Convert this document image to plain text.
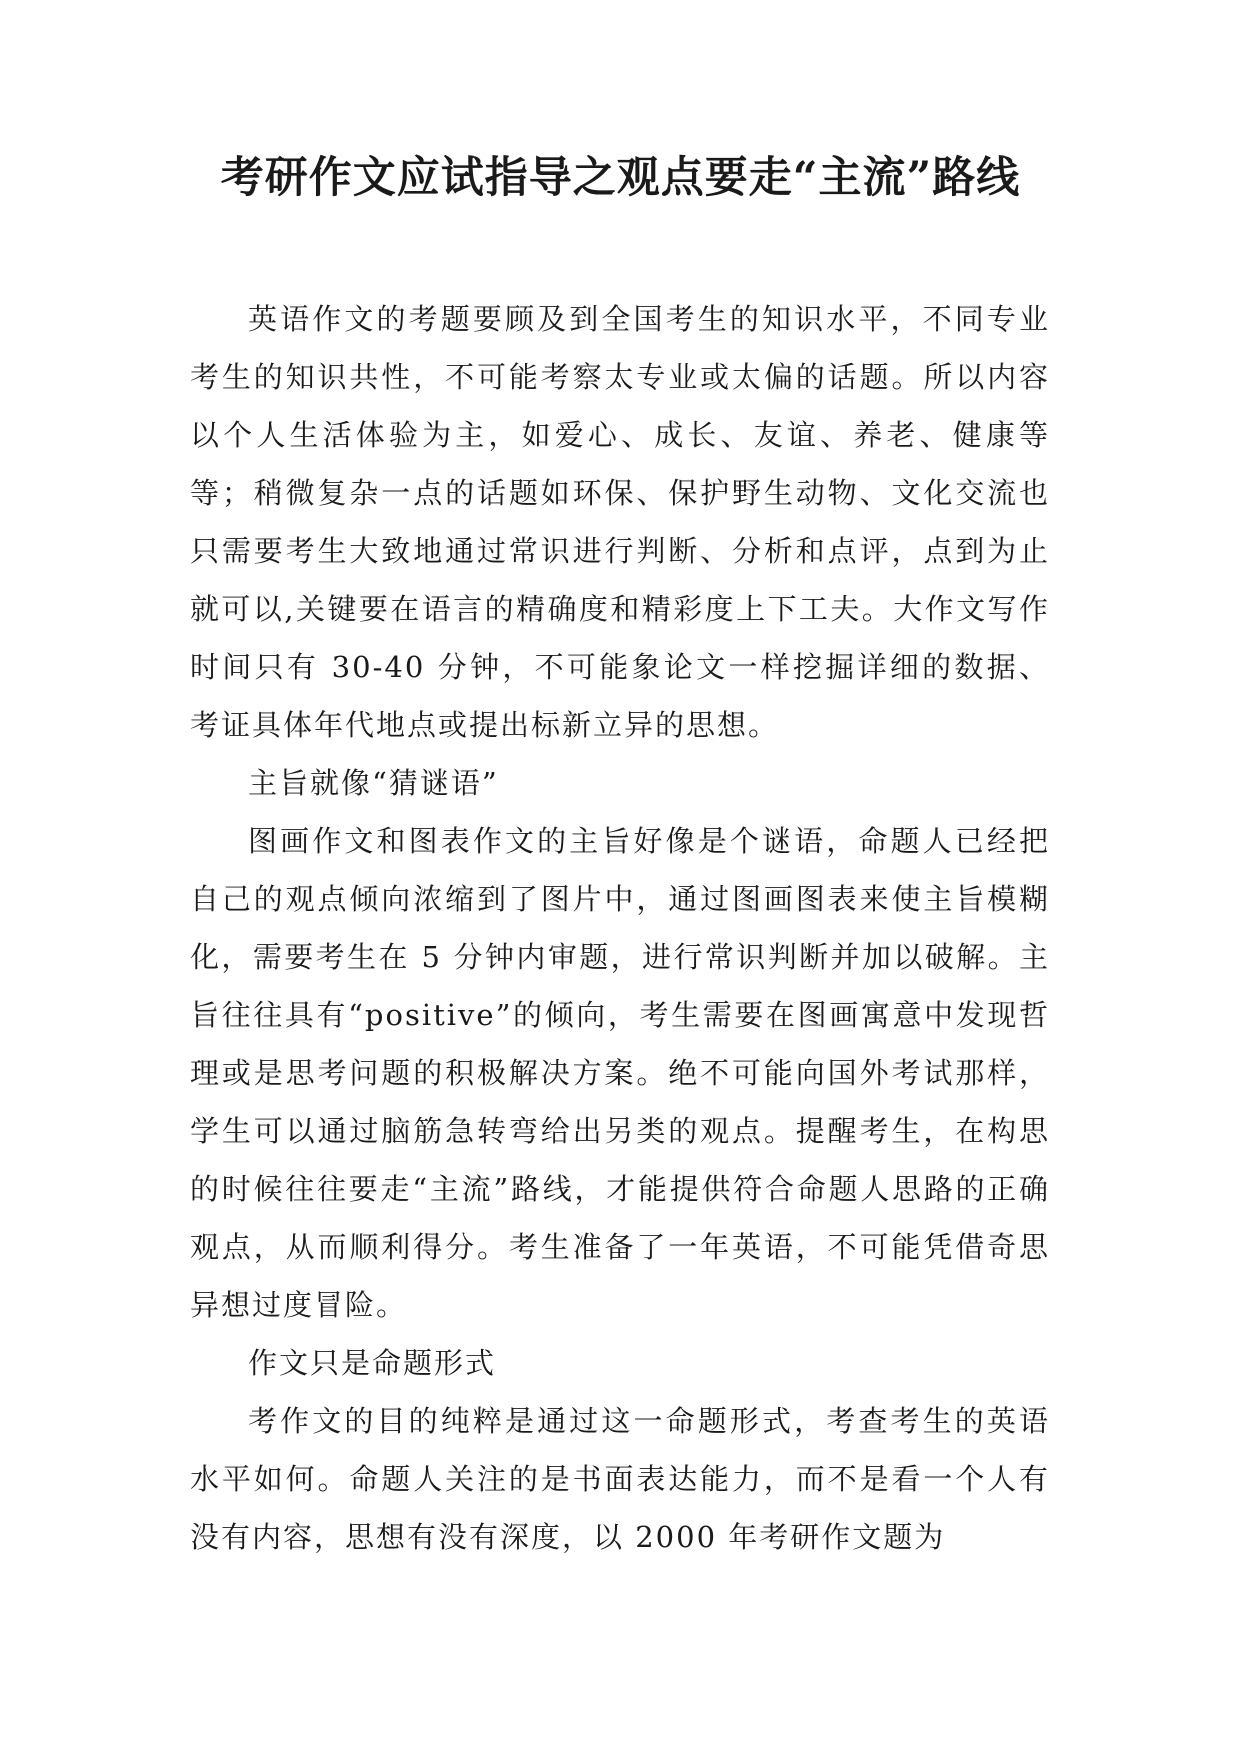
考研作文应试指导之观点要走“主流”路线

英语作文的考题要顾及到全国考生的知识水平，不同专业考生的知识共性，不可能考察太专业或太偏的话题。所以内容以个人生活体验为主，如爱心、成长、友谊、养老、健康等等；稍微复杂一点的话题如环保、保护野生动物、文化交流也只需要考生大致地通过常识进行判断、分析和点评，点到为止就可以,关键要在语言的精确度和精彩度上下工夫。大作文写作时间只有 30-40 分钟，不可能象论文一样挖掘详细的数据、考证具体年代地点或提出标新立异的思想。

主旨就像“猜谜语”

图画作文和图表作文的主旨好像是个谜语，命题人已经把自己的观点倾向浓缩到了图片中，通过图画图表来使主旨模糊化，需要考生在 5 分钟内审题，进行常识判断并加以破解。主旨往往具有“positive”的倾向，考生需要在图画寓意中发现哲理或是思考问题的积极解决方案。绝不可能向国外考试那样，学生可以通过脑筋急转弯给出另类的观点。提醒考生，在构思的时候往往要走“主流”路线，才能提供符合命题人思路的正确观点，从而顺利得分。考生准备了一年英语，不可能凭借奇思异想过度冒险。

作文只是命题形式

考作文的目的纯粹是通过这一命题形式，考查考生的英语水平如何。命题人关注的是书面表达能力，而不是看一个人有没有内容，思想有没有深度，以 2000 年考研作文题为
